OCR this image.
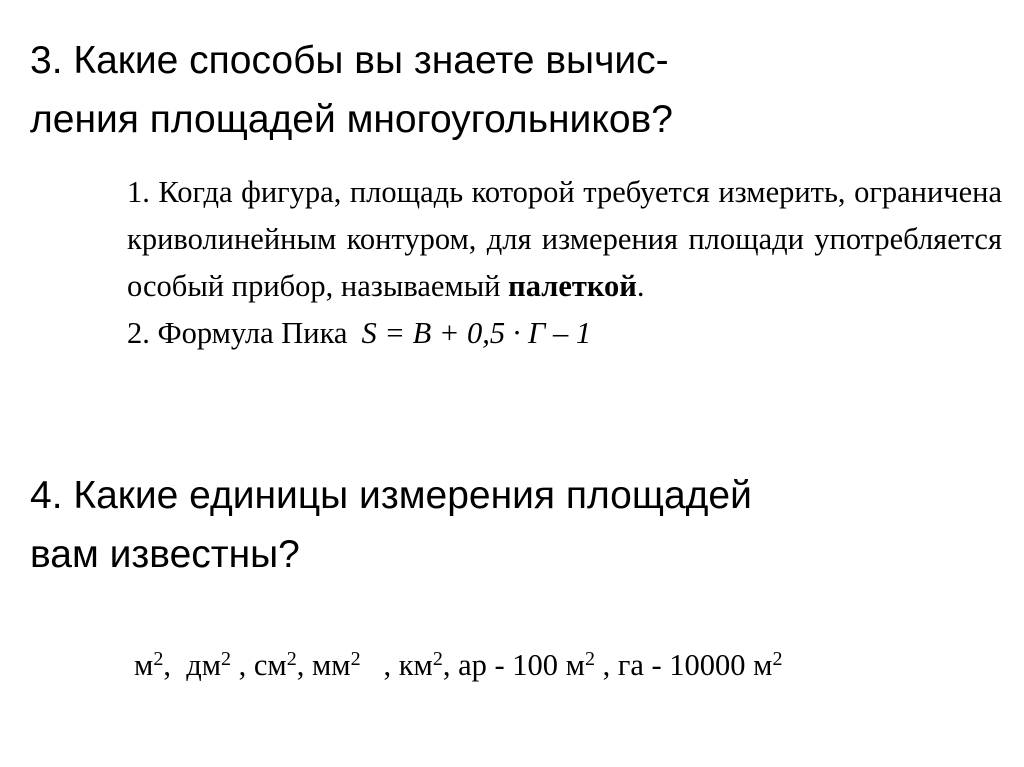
3. Какие способы вы знаете вычис-
ления площадей многоугольников?

1. Когда фигура, площадь которой требуется измерить, ограничена криволинейным контуром, для измерения площади употребляется особый прибор, называемый палеткой.

2. Формула Пика S = В + 0,5 · Г – 1

4. Какие единицы измерения площадей
вам известны?
$м^2$,  $дм^2$ , $см^2$, $мм^2$   , $км^2$, ар - 100 $м^2$ , га - 10000 $м^2$
